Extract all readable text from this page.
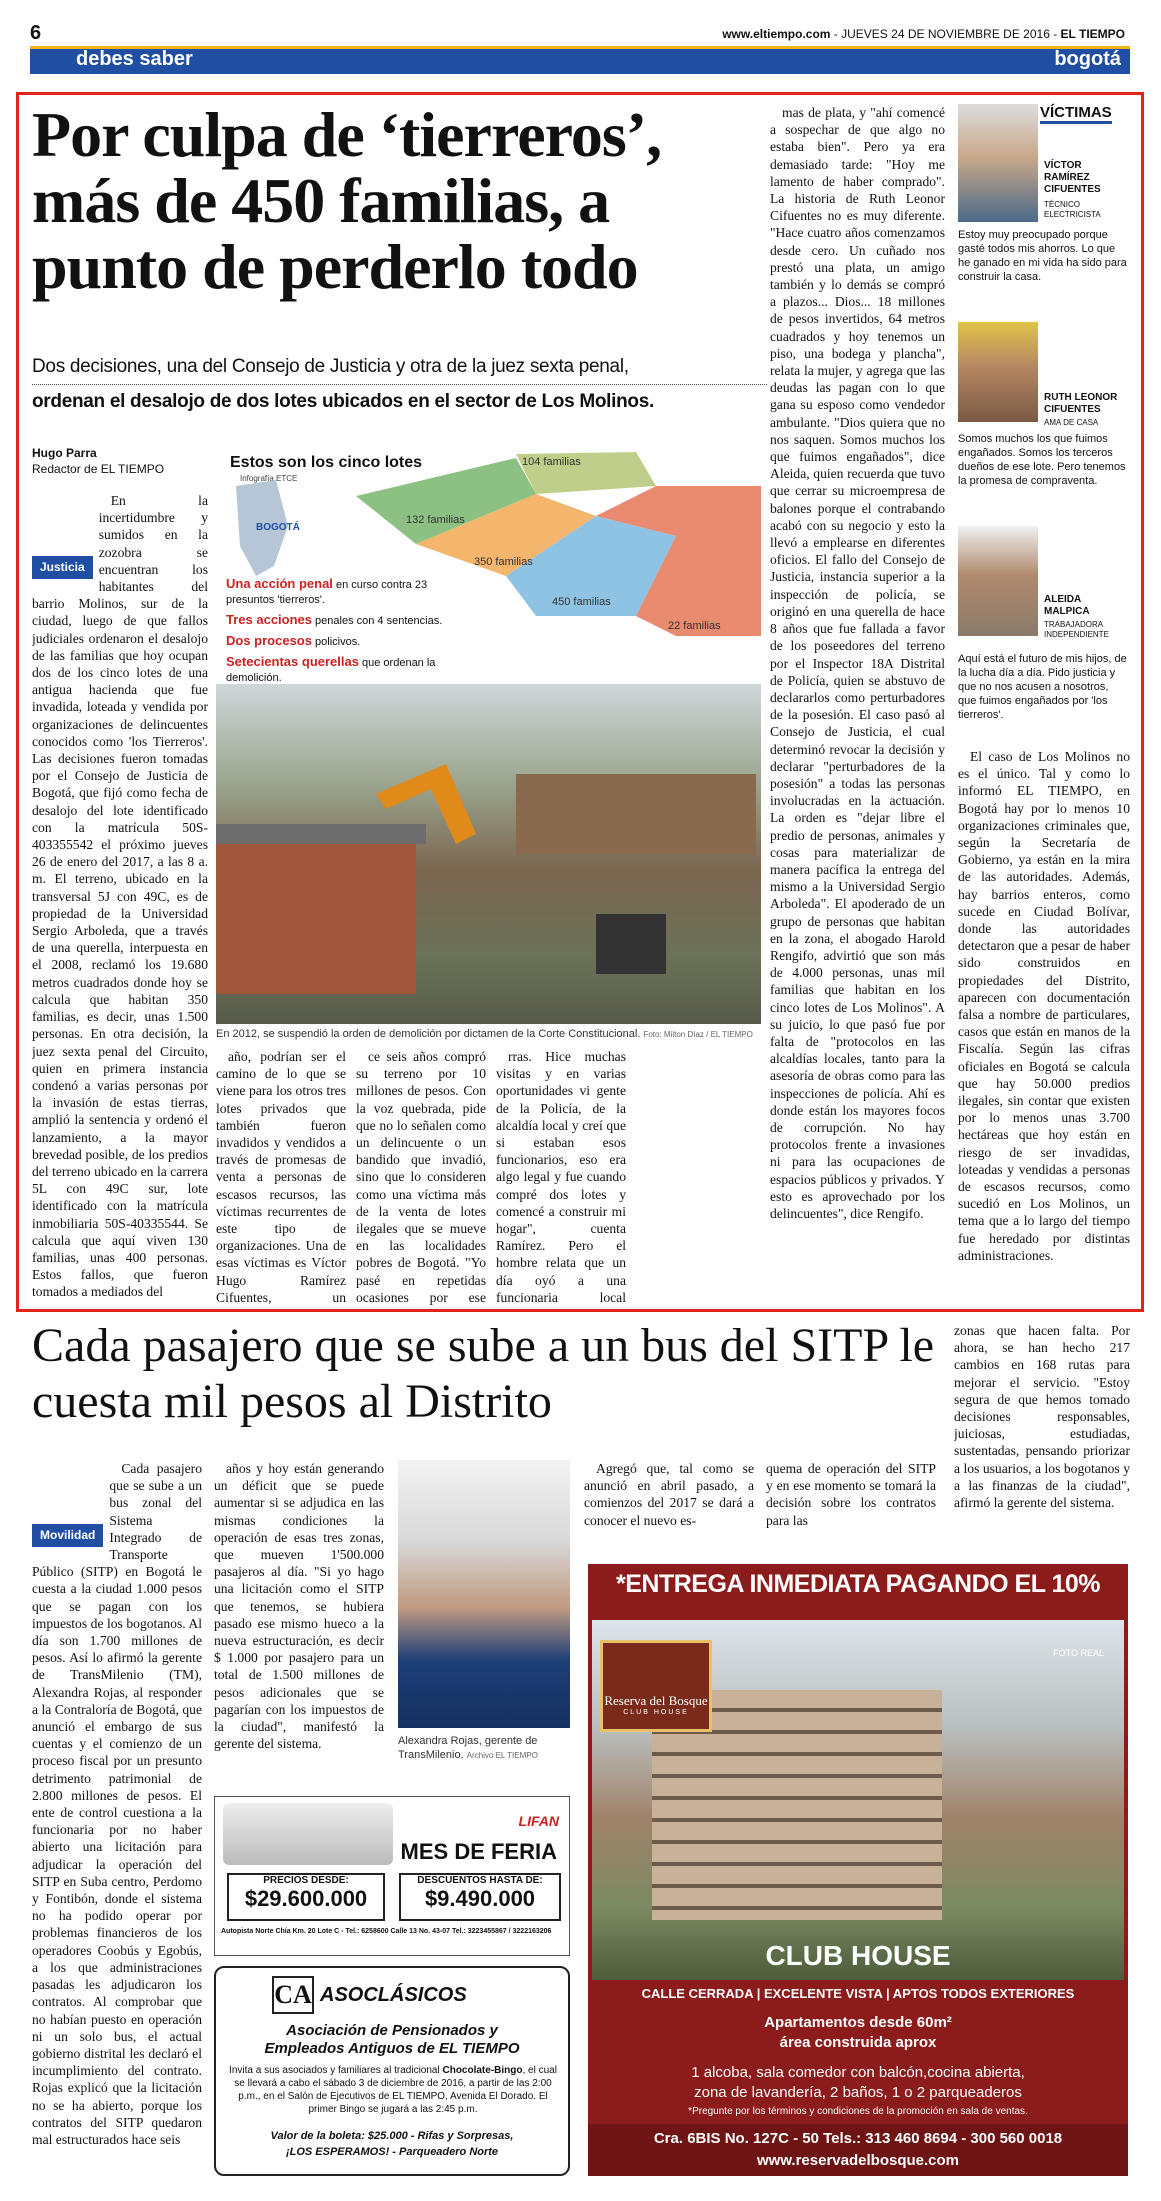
6	www.eltiempo.com - JUEVES 24 DE NOVIEMBRE DE 2016 - EL TIEMPO
debes saber	bogotá
Por culpa de ‘tierreros’, más de 450 familias, a punto de perderlo todo
Dos decisiones, una del Consejo de Justicia y otra de la juez sexta penal,
ordenan el desalojo de dos lotes ubicados en el sector de Los Molinos.
Hugo Parra
Redactor de EL TIEMPO
Justicia

En la incertidumbre y sumidos en la zozobra se encuentran los habitantes del barrio Molinos, sur de la ciudad, luego de que fallos judiciales ordenaron el desalojo de las familias que hoy ocupan dos de los cinco lotes de una antigua hacienda que fue invadida, loteada y vendida por organizaciones de delincuentes conocidos como 'los Tierreros'. Las decisiones fueron tomadas por el Consejo de Justicia de Bogotá, que fijó como fecha de desalojo del lote identificado con la matrícula 50S-403355542 el próximo jueves 26 de enero del 2017, a las 8 a. m. El terreno, ubicado en la transversal 5J con 49C, es de propiedad de la Universidad Sergio Arboleda, que a través de una querella, interpuesta en el 2008, reclamó los 19.680 metros cuadrados donde hoy se calcula que habitan 350 familias, es decir, unas 1.500 personas. En otra decisión, la juez sexta penal del Circuito, quien en primera instancia condenó a varias personas por la invasión de estas tierras, amplió la sentencia y ordenó el lanzamiento, a la mayor brevedad posible, de los predios del terreno ubicado en la carrera 5L con 49C sur, lote identificado con la matrícula inmobiliaria 50S-40335544. Se calcula que aquí viven 130 familias, unas 400 personas. Estos fallos, que fueron tomados a mediados del

Estos son los cinco lotes
Infografía ETCE
BOGOTÁ
104 familias
132 familias
350 familias
450 familias
22 familias
Una acción penal en curso contra 23 presuntos 'tierreros'.
Tres acciones penales con 4 sentencias.
Dos procesos policivos.
Setecientas querellas que ordenan la demolición.
En 2012, se suspendió la orden de demolición por dictamen de la Corte Constitucional. Foto: Milton Díaz / EL TIEMPO

año, podrían ser el camino de lo que se viene para los otros tres lotes privados que también fueron invadidos y vendidos a través de promesas de venta a personas de escasos recursos, las víctimas recurrentes de este tipo de organizaciones. Una de esas víctimas es Víctor Hugo Ramírez Cifuentes, un

ce seis años compró su terreno por 10 millones de pesos. Con la voz quebrada, pide que no lo señalen como un delincuente o un bandido que invadió, sino que lo consideren como una víctima más de la venta de lotes ilegales que se mueve en las localidades pobres de Bogotá. "Yo pasé en repetidas ocasiones por ese

rras. Hice muchas visitas y en varias oportunidades vi gente de la Policía, de la alcaldía local y creí que si estaban esos funcionarios, eso era algo legal y fue cuando compré dos lotes y comencé a construir mi hogar", cuenta Ramírez. Pero el hombre relata que un día oyó a una funcionaria local

mas de plata, y "ahí comencé a sospechar de que algo no estaba bien". Pero ya era demasiado tarde: "Hoy me lamento de haber comprado". La historia de Ruth Leonor Cifuentes no es muy diferente. "Hace cuatro años comenzamos desde cero. Un cuñado nos prestó una plata, un amigo también y lo demás se compró a plazos... Dios... 18 millones de pesos invertidos, 64 metros cuadrados y hoy tenemos un piso, una bodega y plancha", relata la mujer, y agrega que las deudas las pagan con lo que gana su esposo como vendedor ambulante. "Dios quiera que no nos saquen. Somos muchos los que fuimos engañados", dice Aleida, quien recuerda que tuvo que cerrar su microempresa de balones porque el contrabando acabó con su negocio y esto la llevó a emplearse en diferentes oficios. El fallo del Consejo de Justicia, instancia superior a la inspección de policía, se originó en una querella de hace 8 años que fue fallada a favor de los poseedores del terreno por el Inspector 18A Distrital de Policía, quien se abstuvo de declararlos como perturbadores de la posesión. El caso pasó al Consejo de Justicia, el cual determinó revocar la decisión y declarar "perturbadores de la posesión" a todas las personas involucradas en la actuación. La orden es "dejar libre el predio de personas, animales y cosas para materializar de manera pacífica la entrega del mismo a la Universidad Sergio Arboleda". El apoderado de un grupo de personas que habitan en la zona, el abogado Harold Rengifo, advirtió que son más de 4.000 personas, unas mil familias que habitan en los cinco lotes de Los Molinos". A su juicio, lo que pasó fue por falta de "protocolos en las alcaldías locales, tanto para la asesoría de obras como para las inspecciones de policía. Ahí es donde están los mayores focos de corrupción. No hay protocolos frente a invasiones ni para las ocupaciones de espacios públicos y privados. Y esto es aprovechado por los delincuentes", dice Rengifo.

VÍCTIMAS
VÍCTOR RAMÍREZ CIFUENTES
TÉCNICO ELECTRICISTA
Estoy muy preocupado porque gasté todos mis ahorros. Lo que he ganado en mi vida ha sido para construir la casa.
RUTH LEONOR CIFUENTES
AMA DE CASA
Somos muchos los que fuimos engañados. Somos los terceros dueños de ese lote. Pero tenemos la promesa de compraventa.
ALEIDA MALPICA
TRABAJADORA INDEPENDIENTE
Aquí está el futuro de mis hijos, de la lucha día a día. Pido justicia y que no nos acusen a nosotros, que fuimos engañados por 'los tierreros'.

El caso de Los Molinos no es el único. Tal y como lo informó EL TIEMPO, en Bogotá hay por lo menos 10 organizaciones criminales que, según la Secretaría de Gobierno, ya están en la mira de las autoridades. Además, hay barrios enteros, como sucede en Ciudad Bolívar, donde las autoridades detectaron que a pesar de haber sido construidos en propiedades del Distrito, aparecen con documentación falsa a nombre de particulares, casos que están en manos de la Fiscalía. Según las cifras oficiales en Bogotá se calcula que hay 50.000 predios ilegales, sin contar que existen por lo menos unas 3.700 hectáreas que hoy están en riesgo de ser invadidas, loteadas y vendidas a personas de escasos recursos, como sucedió en Los Molinos, un tema que a lo largo del tiempo fue heredado por distintas administraciones.

Cada pasajero que se sube a un bus del SITP le cuesta mil pesos al Distrito
Movilidad

Cada pasajero que se sube a un bus zonal del Sistema Integrado de Transporte Público (SITP) en Bogotá le cuesta a la ciudad 1.000 pesos que se pagan con los impuestos de los bogotanos. Al día son 1.700 millones de pesos. Así lo afirmó la gerente de TransMilenio (TM), Alexandra Rojas, al responder a la Contraloría de Bogotá, que anunció el embargo de sus cuentas y el comienzo de un proceso fiscal por un presunto detrimento patrimonial de 2.800 millones de pesos. El ente de control cuestiona a la funcionaria por no haber abierto una licitación para adjudicar la operación del SITP en Suba centro, Perdomo y Fontibón, donde el sistema no ha podido operar por problemas financieros de los operadores Coobús y Egobús, a los que administraciones pasadas les adjudicaron los contratos. Al comprobar que no habían puesto en operación ni un solo bus, el actual gobierno distrital les declaró el incumplimiento del contrato. Rojas explicó que la licitación no se ha abierto, porque los contratos del SITP quedaron mal estructurados hace seis

años y hoy están generando un déficit que se puede aumentar si se adjudica en las mismas condiciones la operación de esas tres zonas, que mueven 1'500.000 pasajeros al día. "Si yo hago una licitación como el SITP que tenemos, se hubiera pasado ese mismo hueco a la nueva estructuración, es decir $ 1.000 por pasajero para un total de 1.500 millones de pesos adicionales que se pagarían con los impuestos de la ciudad", manifestó la gerente del sistema.	Alexandra Rojas, gerente de TransMilenio. Archivo EL TIEMPO

Agregó que, tal como se anunció en abril pasado, a comienzos del 2017 se dará a conocer el nuevo es-

quema de operación del SITP y en ese momento se tomará la decisión sobre los contratos para las

zonas que hacen falta. Por ahora, se han hecho 217 cambios en 168 rutas para mejorar el servicio. "Estoy segura de que hemos tomado decisiones responsables, juiciosas, estudiadas, sustentadas, pensando priorizar a los usuarios, a los bogotanos y a las finanzas de la ciudad", afirmó la gerente del sistema.

LIFAN
MES DE FERIA
PRECIOS DESDE:
$29.600.000
DESCUENTOS HASTA DE:
$9.490.000
Autopista Norte Chía Km. 20 Lote C - Tel.: 6258600 Calle 13 No. 43-07 Tel.: 3223455867 / 3222163206
CA ASOCLÁSICOS
Asociación de Pensionados y
Empleados Antiguos de EL TIEMPO
Invita a sus asociados y familiares al tradicional Chocolate-Bingo, el cual se llevará a cabo el sábado 3 de diciembre de 2016, a partir de las 2:00 p.m., en el Salón de Ejecutivos de EL TIEMPO, Avenida El Dorado. El primer Bingo se jugará a las 2:45 p.m.
Valor de la boleta: $25.000 - Rifas y Sorpresas,
¡LOS ESPERAMOS! - Parqueadero Norte
*ENTREGA INMEDIATA PAGANDO EL 10%
FOTO REAL
Reserva del Bosque
CLUB HOUSE
CLUB HOUSE
CALLE CERRADA | EXCELENTE VISTA | APTOS TODOS EXTERIORES
Apartamentos desde 60m²
área construida aprox
1 alcoba, sala comedor con balcón,cocina abierta,
zona de lavandería, 2 baños, 1 o 2 parqueaderos
*Pregunte por los términos y condiciones de la promoción en sala de ventas.
Cra. 6BIS No. 127C - 50 Tels.: 313 460 8694 - 300 560 0018
www.reservadelbosque.com
